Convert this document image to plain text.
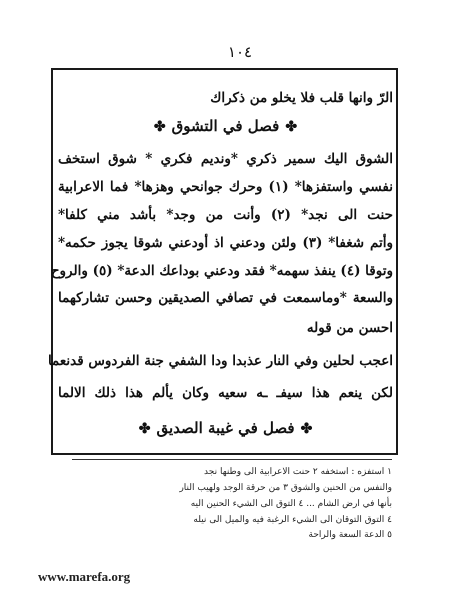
١٠٤
الرّ وانها قلب فلا يخلو من ذكراك
✤فصل في التشوق✤
الشوق اليك سمير ذكري *ونديم فكري * شوق استخف
نفسي واستفزها* (١) وحرك جوانحي وهزها* فما الاعرابية
حنت الى نجد* (٢) وأنت من وجد* بأشد مني كلفا*
وأتم شغفا* (٣) ولئن ودعني اذ أودعني شوقا يجوز حكمه*
وتوقا (٤) ينفذ سهمه* فقد ودعني بوداعك الدعة* (٥) والروح
والسعة *وماسمعت في تصافي الصديقين وحسن تشاركهما
احسن من قوله
اعجب لحلين وفي النار عذبدا ودا الشفي جنة الفردوس قدنعما
لكن ينعم هذا سيفـ ـه سعيه وكان يألم هذا ذلك الالما
✤فصل في غيبة الصديق✤
١ استفزه : استخفه ٢ حنت الاعرابية الى وطنها نجد
والنفس من الحنين والشوق ٣ من حرقة الوجد ولهيب النار
بأنها في ارض الشام ... ٤ التوق الى الشيء الحنين اليه
٤ التوق التوقان الى الشيء الرغبة فيه والميل الى نيله
٥ الدعة السعة والراحة
www.marefa.org
